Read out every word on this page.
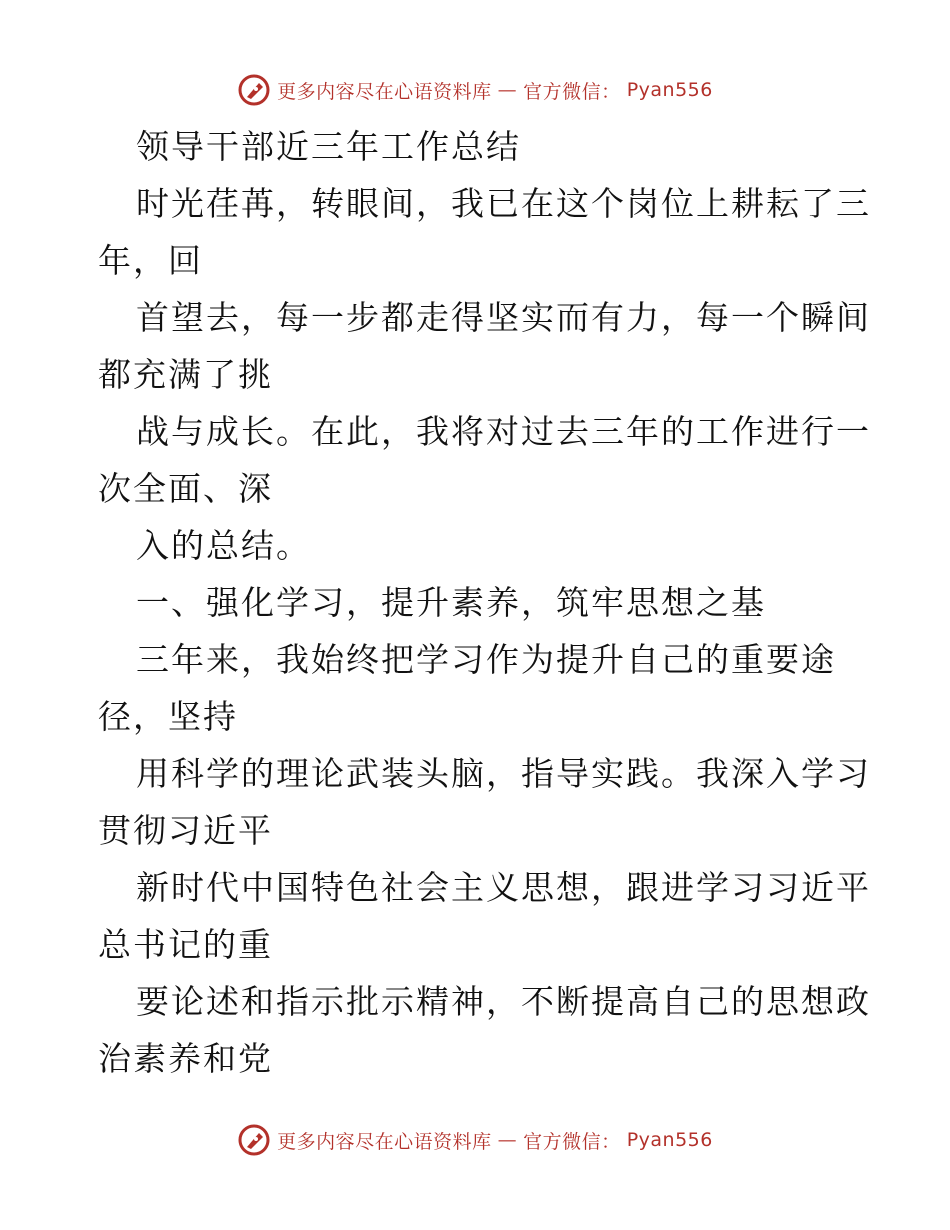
更多内容尽在心语资料库 — 官方微信： Pyan556
领导干部近三年工作总结
时光荏苒，转眼间，我已在这个岗位上耕耘了三
年，回
首望去，每一步都走得坚实而有力，每一个瞬间
都充满了挑
战与成长。在此，我将对过去三年的工作进行一
次全面、深
入的总结。
一、强化学习，提升素养，筑牢思想之基
三年来，我始终把学习作为提升自己的重要途
径，坚持
用科学的理论武装头脑，指导实践。我深入学习
贯彻习近平
新时代中国特色社会主义思想，跟进学习习近平
总书记的重
要论述和指示批示精神，不断提高自己的思想政
治素养和党
更多内容尽在心语资料库 — 官方微信： Pyan556
